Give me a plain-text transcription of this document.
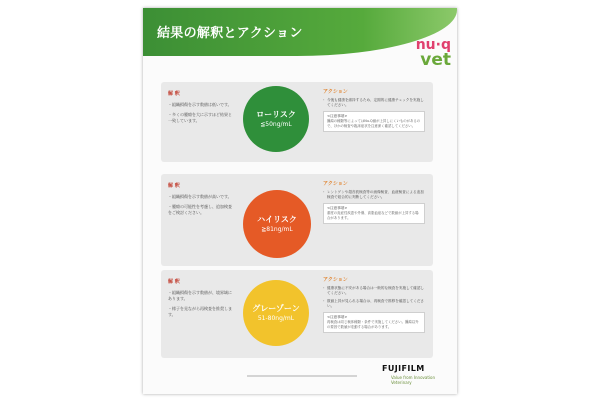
結果の解釈とアクション
nu·q
vet
解 釈

・組織損傷を示す数値は低いです。

・多くの腫瘍を大に示すほど結果と一致しています。

ローリスク
≦50ng/mL
アクション
・ 今後も健康を維持するため、定期的に健康チェックを実施してください。
<注意事項>
腫瘍の種類等によってはNu.Q値が上昇しにくいものがあるので、ほかの検査や臨床症状を注意深く確認してください。
解 釈

・組織損傷を示す数値が高いです。

・腫瘍の可能性を考慮し、追加検査をご検討ください。

ハイリスク
≧81ng/mL
アクション
・ レントゲンや超音波検査等の画像検査、血液検査による追加検査で総合的に判断してください。
<注意事項>
重度の炎症性疾患や外傷、高脂血症などで数値が上昇する場合があります。
解 釈

・組織損傷を示す数値が、境界域にあります。

・様子を見ながら再検査を推奨します。

グレーゾーン
51-80ng/mL
アクション
・ 健康状態に不安がある場合は一般的な検査を実施して確認してください。
・ 数値上昇が見られる場合は、再検査で推移を確認してください。
<注意事項>
再検査は同じ検体種類・条件で実施してください。腫瘍以外の要因で数値が変動する場合があります。
FUJIFILM
Value from Innovation Veterinary
